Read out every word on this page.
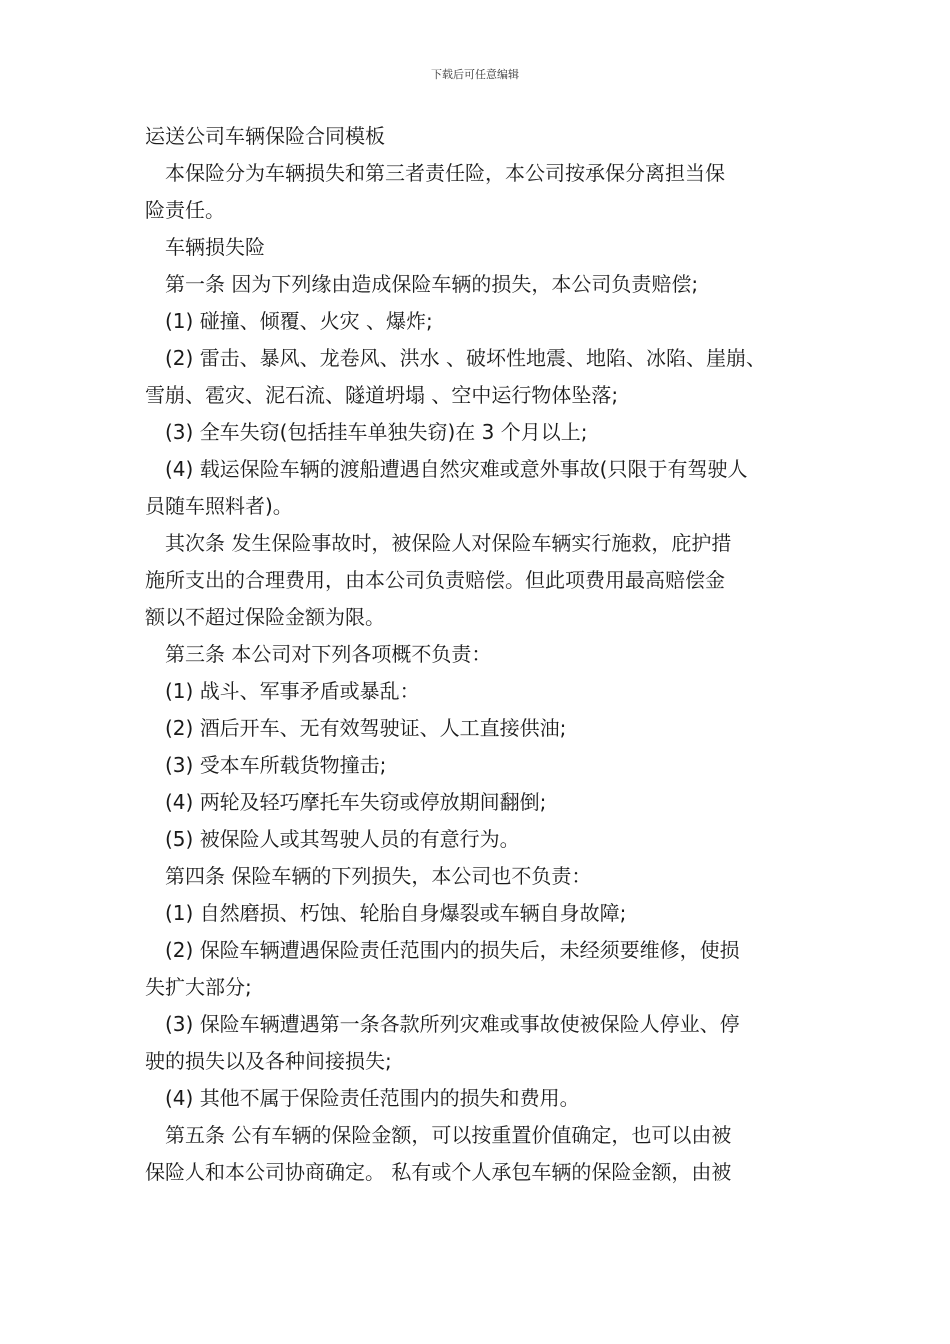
下载后可任意编辑
运送公司车辆保险合同模板
本保险分为车辆损失和第三者责任险，本公司按承保分离担当保
险责任。
车辆损失险
第一条 因为下列缘由造成保险车辆的损失，本公司负责赔偿;
(1) 碰撞、倾覆、火灾 、爆炸;
(2) 雷击、暴风、龙卷风、洪水 、破坏性地震、地陷、冰陷、崖崩、
雪崩、雹灾、泥石流、隧道坍塌 、空中运行物体坠落;
(3) 全车失窃(包括挂车单独失窃)在 3 个月以上;
(4) 载运保险车辆的渡船遭遇自然灾难或意外事故(只限于有驾驶人
员随车照料者)。
其次条 发生保险事故时，被保险人对保险车辆实行施救，庇护措
施所支出的合理费用，由本公司负责赔偿。但此项费用最高赔偿金
额以不超过保险金额为限。
第三条 本公司对下列各项概不负责：
(1) 战斗、军事矛盾或暴乱：
(2) 酒后开车、无有效驾驶证、人工直接供油;
(3) 受本车所载货物撞击;
(4) 两轮及轻巧摩托车失窃或停放期间翻倒;
(5) 被保险人或其驾驶人员的有意行为。
第四条 保险车辆的下列损失，本公司也不负责：
(1) 自然磨损、朽蚀、轮胎自身爆裂或车辆自身故障;
(2) 保险车辆遭遇保险责任范围内的损失后，未经须要维修，使损
失扩大部分;
(3) 保险车辆遭遇第一条各款所列灾难或事故使被保险人停业、停
驶的损失以及各种间接损失;
(4) 其他不属于保险责任范围内的损失和费用。
第五条 公有车辆的保险金额，可以按重置价值确定，也可以由被
保险人和本公司协商确定。 私有或个人承包车辆的保险金额，由被
